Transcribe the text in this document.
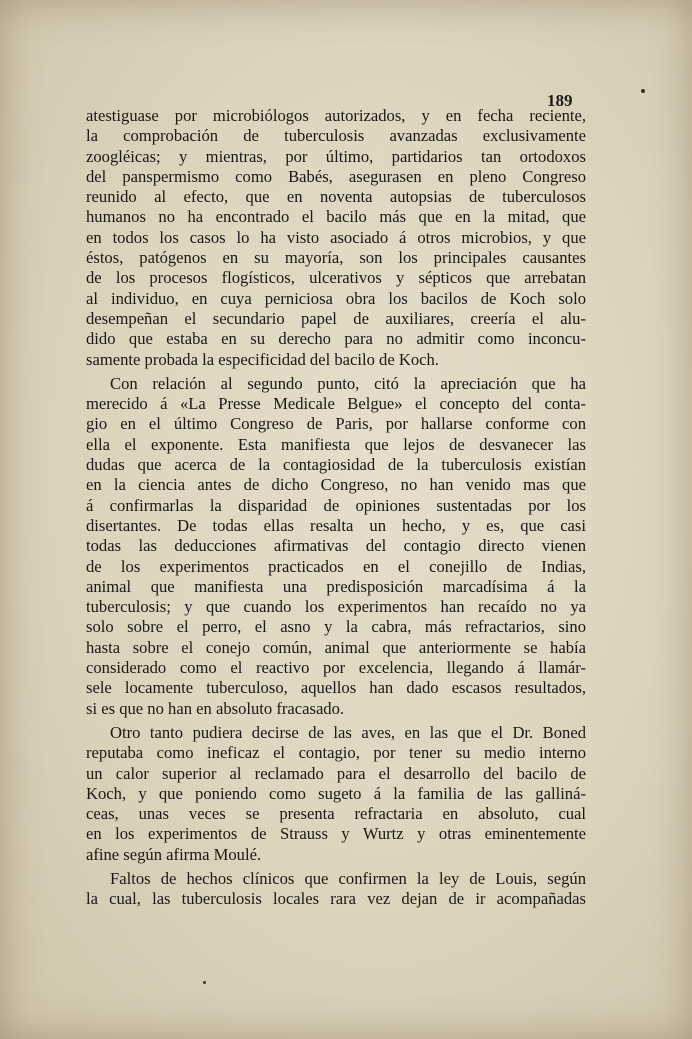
189
atestiguase por microbiólogos autorizados, y en fecha reciente,
la comprobación de tuberculosis avanzadas exclusivamente
zoogléicas; y mientras, por último, partidarios tan ortodoxos
del panspermismo como Babés, asegurasen en pleno Congreso
reunido al efecto, que en noventa autopsias de tuberculosos
humanos no ha encontrado el bacilo más que en la mitad, que
en todos los casos lo ha visto asociado á otros microbios, y que
éstos, patógenos en su mayoría, son los principales causantes
de los procesos flogísticos, ulcerativos y sépticos que arrebatan
al individuo, en cuya perniciosa obra los bacilos de Koch solo
desempeñan el secundario papel de auxiliares, creería el alu-
dido que estaba en su derecho para no admitir como inconcu-
samente probada la especificidad del bacilo de Koch.
Con relación al segundo punto, citó la apreciación que ha
merecido á «La Presse Medicale Belgue» el concepto del conta-
gio en el último Congreso de Paris, por hallarse conforme con
ella el exponente. Esta manifiesta que lejos de desvanecer las
dudas que acerca de la contagiosidad de la tuberculosis existían
en la ciencia antes de dicho Congreso, no han venido mas que
á confirmarlas la disparidad de opiniones sustentadas por los
disertantes. De todas ellas resalta un hecho, y es, que casi
todas las deducciones afirmativas del contagio directo vienen
de los experimentos practicados en el conejillo de Indias,
animal que manifiesta una predisposición marcadísima á la
tuberculosis; y que cuando los experimentos han recaído no ya
solo sobre el perro, el asno y la cabra, más refractarios, sino
hasta sobre el conejo común, animal que anteriormente se había
considerado como el reactivo por excelencia, llegando á llamár-
sele locamente tuberculoso, aquellos han dado escasos resultados,
si es que no han en absoluto fracasado.
Otro tanto pudiera decirse de las aves, en las que el Dr. Boned
reputaba como ineficaz el contagio, por tener su medio interno
un calor superior al reclamado para el desarrollo del bacilo de
Koch, y que poniendo como sugeto á la familia de las galliná-
ceas, unas veces se presenta refractaria en absoluto, cual
en los experimentos de Strauss y Wurtz y otras eminentemente
afine según afirma Moulé.
Faltos de hechos clínicos que confirmen la ley de Louis, según
la cual, las tuberculosis locales rara vez dejan de ir acompañadas
